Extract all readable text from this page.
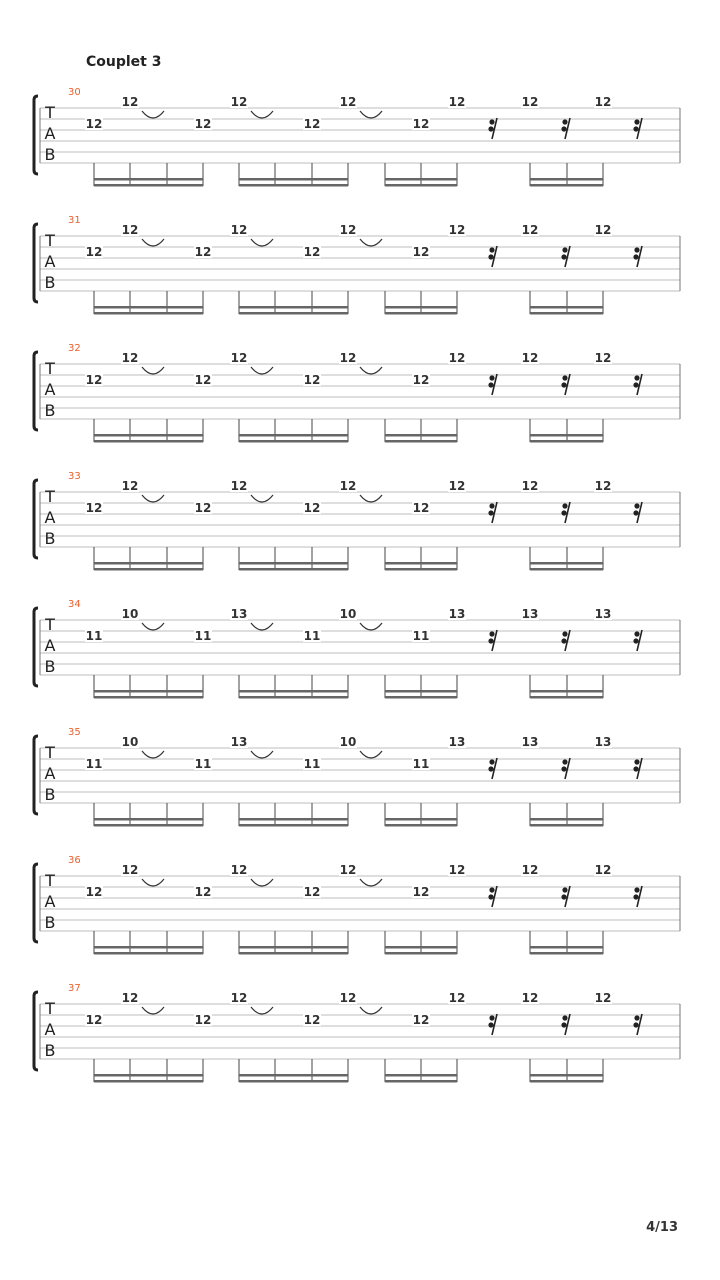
Couplet 3
T
A
B
30
12
12
12
12
12
12
12
12	12	12
T
A
B
31
12
12
12
12
12
12
12
12	12	12
T
A
B
32
12
12
12
12
12
12
12
12	12	12
T
A
B
33
12
12
12
12
12
12
12
12	12	12
T
A
B
34
11
10
11
13
11
10
11
13	13	13
T
A
B
35
11
10
11
13
11
10
11
13	13	13
T
A
B
36
12
12
12
12
12
12
12
12	12	12
T
A
B
37
12
12
12
12
12
12
12
12	12	12
4/13
